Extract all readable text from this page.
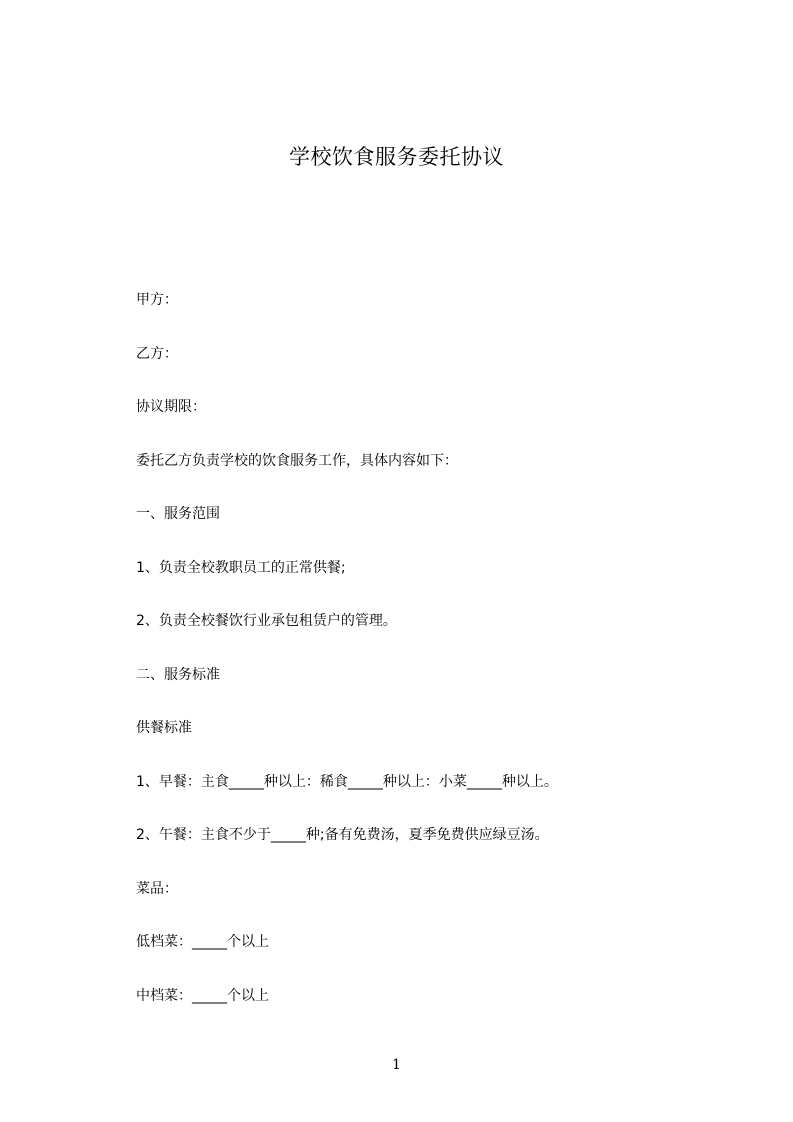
学校饮食服务委托协议
甲方：
乙方：
协议期限：
委托乙方负责学校的饮食服务工作，具体内容如下：
一、服务范围
1、负责全校教职员工的正常供餐;
2、负责全校餐饮行业承包租赁户的管理。
二、服务标准
供餐标准
1、早餐：主食_____种以上：稀食_____种以上：小菜_____种以上。
2、午餐：主食不少于_____种;备有免费汤，夏季免费供应绿豆汤。
菜品：
低档菜：_____个以上
中档菜：_____个以上
1
